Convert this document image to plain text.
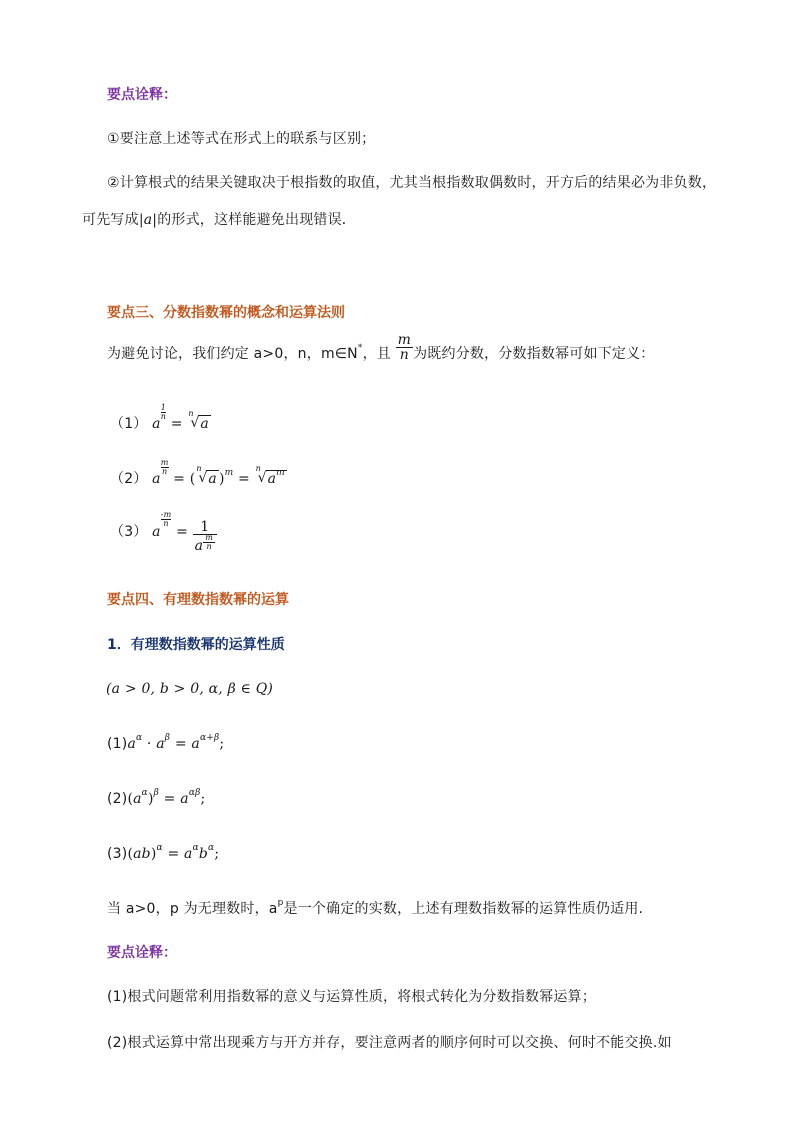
要点诠释：
①要注意上述等式在形式上的联系与区别；
②计算根式的结果关键取决于根指数的取值，尤其当根指数取偶数时，开方后的结果必为非负数，
可先写成|a|的形式，这样能避免出现错误．
要点三、分数指数幂的概念和运算法则
为避免讨论，我们约定 a>0，n，m∈N*，且 $\frac{m}{n}$ 为既约分数，分数指数幂可如下定义：
（1） a
$\frac{1}{n}$
=
n
√ a
（2） a
$\frac{m}{n}$
= (
n
√ a )$^m$ =
n
√ $a^m$
（3） a
$\frac{-m}{n}$
= $\frac{1}{a \frac{m}{n}}$
要点四、有理数指数幂的运算
1．有理数指数幂的运算性质
(a > 0, b > 0, α, β ∈ Q)
$(1)a^\alpha \cdot a^\beta = a^{\alpha+\beta}$;
$(2)(a^\alpha)^\beta = a^{\alpha\beta}$;
$(3)(ab)^\alpha = a^\alpha b^\alpha$;
当 a>0，p 为无理数时，$a^p$是一个确定的实数，上述有理数指数幂的运算性质仍适用.
要点诠释：
(1)根式问题常利用指数幂的意义与运算性质，将根式转化为分数指数幂运算；
(2)根式运算中常出现乘方与开方并存，要注意两者的顺序何时可以交换、何时不能交换.如
